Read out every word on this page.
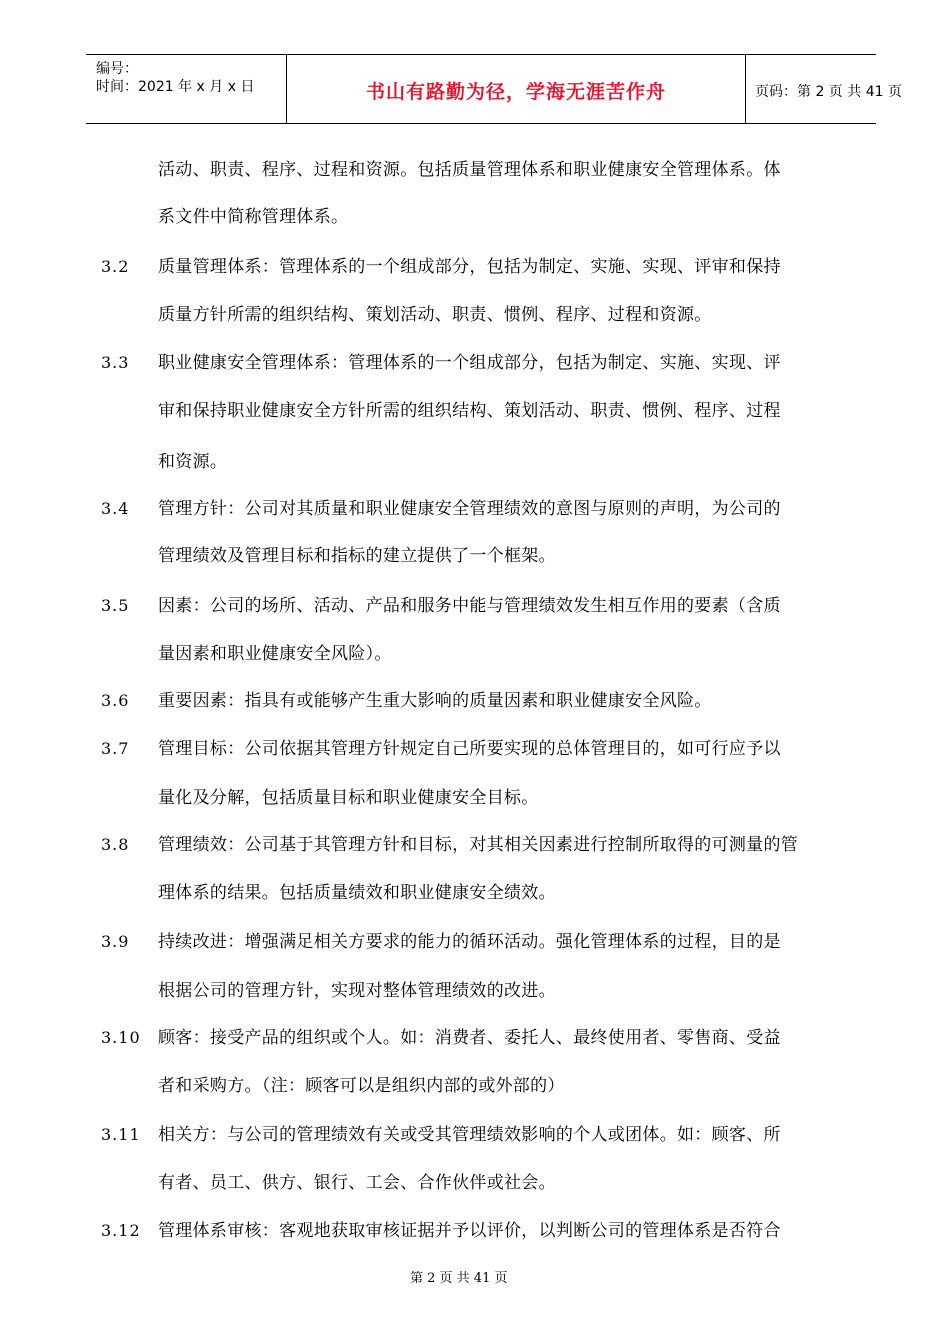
编号：
时间：2021 年 x 月 x 日	书山有路勤为径，学海无涯苦作舟	页码：第 2 页 共 41 页
活动、职责、程序、过程和资源。包括质量管理体系和职业健康安全管理体系。体
系文件中简称管理体系。
3.2 质量管理体系：管理体系的一个组成部分，包括为制定、实施、实现、评审和保持
质量方针所需的组织结构、策划活动、职责、惯例、程序、过程和资源。
3.3 职业健康安全管理体系：管理体系的一个组成部分，包括为制定、实施、实现、评
审和保持职业健康安全方针所需的组织结构、策划活动、职责、惯例、程序、过程
和资源。
3.4 管理方针：公司对其质量和职业健康安全管理绩效的意图与原则的声明，为公司的
管理绩效及管理目标和指标的建立提供了一个框架。
3.5 因素：公司的场所、活动、产品和服务中能与管理绩效发生相互作用的要素（含质
量因素和职业健康安全风险）。
3.6 重要因素：指具有或能够产生重大影响的质量因素和职业健康安全风险。
3.7 管理目标：公司依据其管理方针规定自己所要实现的总体管理目的，如可行应予以
量化及分解，包括质量目标和职业健康安全目标。
3.8 管理绩效：公司基于其管理方针和目标，对其相关因素进行控制所取得的可测量的管
理体系的结果。包括质量绩效和职业健康安全绩效。
3.9 持续改进：增强满足相关方要求的能力的循环活动。强化管理体系的过程，目的是
根据公司的管理方针，实现对整体管理绩效的改进。
3.10 顾客：接受产品的组织或个人。如：消费者、委托人、最终使用者、零售商、受益
者和采购方。（注：顾客可以是组织内部的或外部的）
3.11 相关方：与公司的管理绩效有关或受其管理绩效影响的个人或团体。如：顾客、所
有者、员工、供方、银行、工会、合作伙伴或社会。
3.12 管理体系审核：客观地获取审核证据并予以评价，以判断公司的管理体系是否符合
第 2 页 共 41 页
